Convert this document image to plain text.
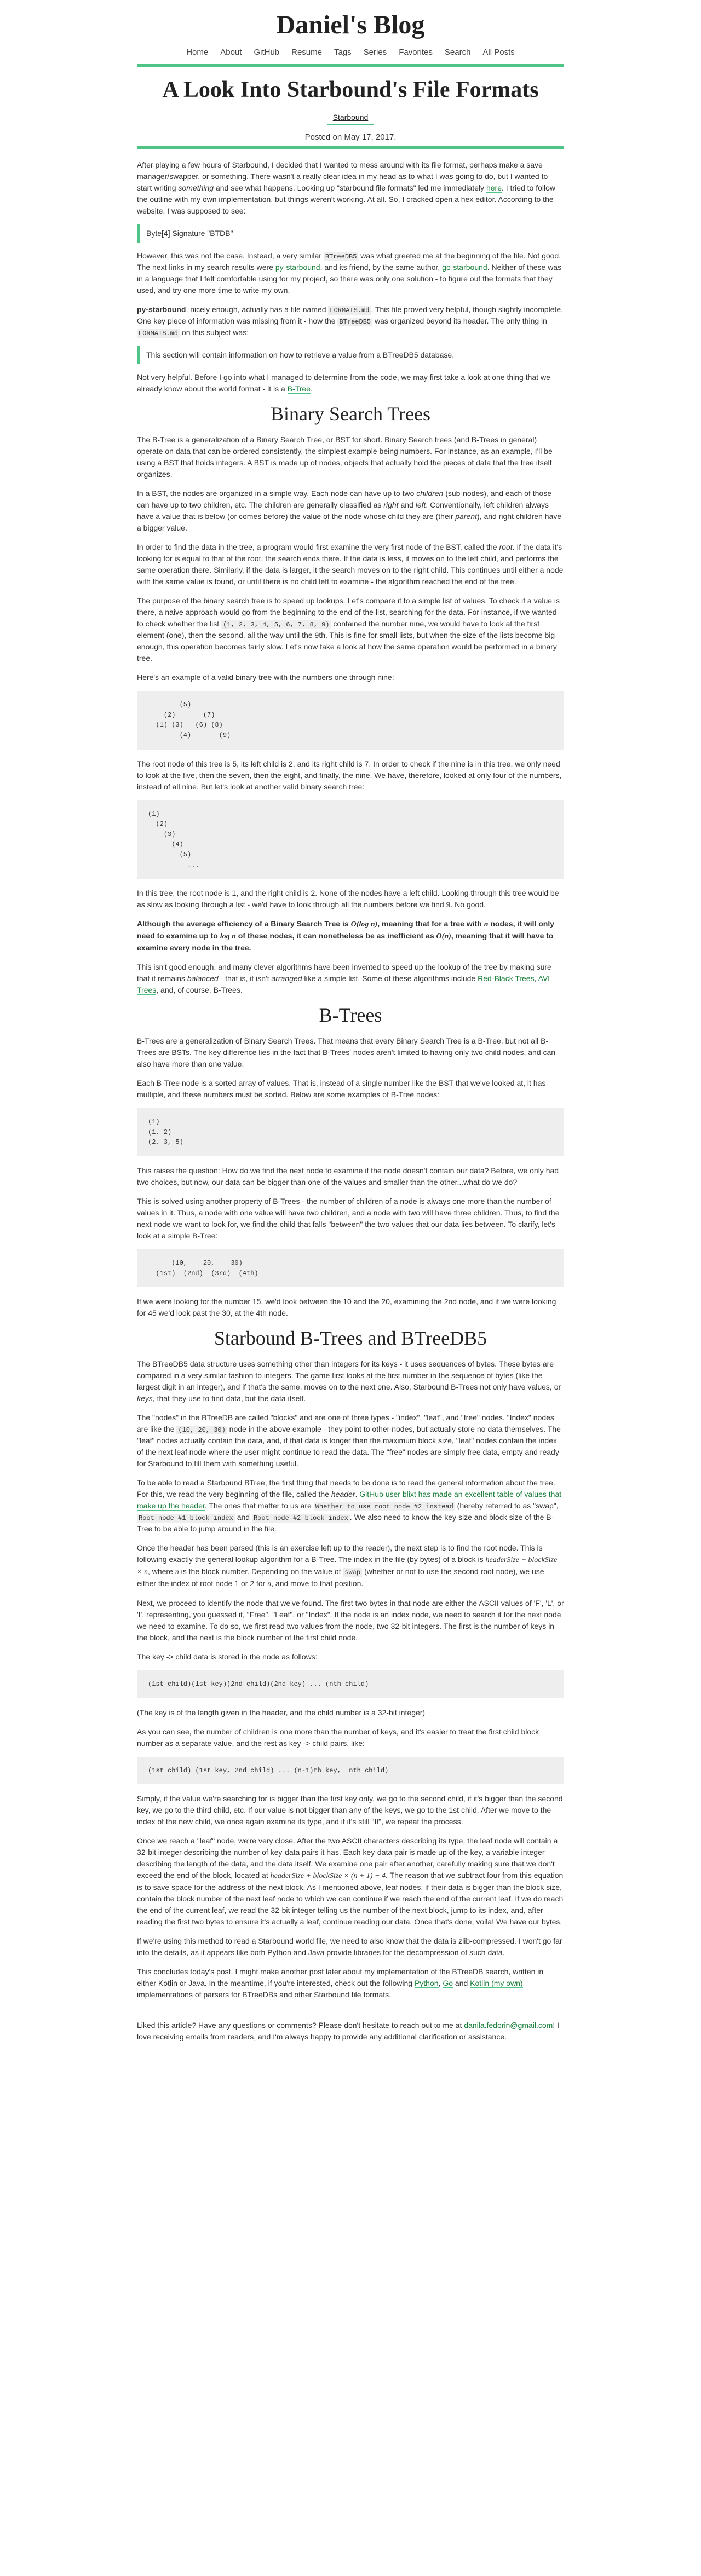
Daniel's Blog
Home About GitHub Resume Tags Series Favorites Search All Posts
A Look Into Starbound's File Formats
Starbound
Posted on May 17, 2017.

After playing a few hours of Starbound, I decided that I wanted to mess around with its file format, perhaps make a save manager/swapper, or something. There wasn't a really clear idea in my head as to what I was going to do, but I wanted to start writing something and see what happens. Looking up "starbound file formats" led me immediately here. I tried to follow the outline with my own implementation, but things weren't working. At all. So, I cracked open a hex editor. According to the website, I was supposed to see:

Byte[4] Signature "BTDB"

However, this was not the case. Instead, a very similar BTreeDB5 was what greeted me at the beginning of the file. Not good. The next links in my search results were py-starbound, and its friend, by the same author, go-starbound. Neither of these was in a language that I felt comfortable using for my project, so there was only one solution - to figure out the formats that they used, and try one more time to write my own.

py-starbound, nicely enough, actually has a file named FORMATS.md . This file proved very helpful, though slightly incomplete. One key piece of information was missing from it - how the BTreeDB5 was organized beyond its header. The only thing in FORMATS.md on this subject was:

This section will contain information on how to retrieve a value from a BTreeDB5 database.

Not very helpful. Before I go into what I managed to determine from the code, we may first take a look at one thing that we already know about the world format - it is a B-Tree.

Binary Search Trees

The B-Tree is a generalization of a Binary Search Tree, or BST for short. Binary Search trees (and B-Trees in general) operate on data that can be ordered consistently, the simplest example being numbers. For instance, as an example, I'll be using a BST that holds integers. A BST is made up of nodes, objects that actually hold the pieces of data that the tree itself organizes.

In a BST, the nodes are organized in a simple way. Each node can have up to two children (sub-nodes), and each of those can have up to two children, etc. The children are generally classified as right and left. Conventionally, left children always have a value that is below (or comes before) the value of the node whose child they are (their parent), and right children have a bigger value.

In order to find the data in the tree, a program would first examine the very first node of the BST, called the root. If the data it's looking for is equal to that of the root, the search ends there. If the data is less, it moves on to the left child, and performs the same operation there. Similarly, if the data is larger, it the search moves on to the right child. This continues until either a node with the same value is found, or until there is no child left to examine - the algorithm reached the end of the tree.

The purpose of the binary search tree is to speed up lookups. Let's compare it to a simple list of values. To check if a value is there, a naive approach would go from the beginning to the end of the list, searching for the data. For instance, if we wanted to check whether the list (1, 2, 3, 4, 5, 6, 7, 8, 9) contained the number nine, we would have to look at the first element (one), then the second, all the way until the 9th. This is fine for small lists, but when the size of the lists become big enough, this operation becomes fairly slow. Let's now take a look at how the same operation would be performed in a binary tree.

Here's an example of a valid binary tree with the numbers one through nine:

(5)
(2)       (7)
(1) (3)   (6) (8)
(4)       (9)

The root node of this tree is 5, its left child is 2, and its right child is 7. In order to check if the nine is in this tree, we only need to look at the five, then the seven, then the eight, and finally, the nine. We have, therefore, looked at only four of the numbers, instead of all nine. But let's look at another valid binary search tree:

(1)
(2)
(3)
(4)
(5)
...

In this tree, the root node is 1, and the right child is 2. None of the nodes have a left child. Looking through this tree would be as slow as looking through a list - we'd have to look through all the numbers before we find 9. No good.

Although the average efficiency of a Binary Search Tree is O(log n), meaning that for a tree with n nodes, it will only need to examine up to log n of these nodes, it can nonetheless be as inefficient as O(n), meaning that it will have to examine every node in the tree.

This isn't good enough, and many clever algorithms have been invented to speed up the lookup of the tree by making sure that it remains balanced - that is, it isn't arranged like a simple list. Some of these algorithms include Red-Black Trees, AVL Trees, and, of course, B-Trees.

B-Trees

B-Trees are a generalization of Binary Search Trees. That means that every Binary Search Tree is a B-Tree, but not all B-Trees are BSTs. The key difference lies in the fact that B-Trees' nodes aren't limited to having only two child nodes, and can also have more than one value.

Each B-Tree node is a sorted array of values. That is, instead of a single number like the BST that we've looked at, it has multiple, and these numbers must be sorted. Below are some examples of B-Tree nodes:

(1)
(1, 2)
(2, 3, 5)

This raises the question: How do we find the next node to examine if the node doesn't contain our data? Before, we only had two choices, but now, our data can be bigger than one of the values and smaller than the other...what do we do?

This is solved using another property of B-Trees - the number of children of a node is always one more than the number of values in it. Thus, a node with one value will have two children, and a node with two will have three children. Thus, to find the next node we want to look for, we find the child that falls "between" the two values that our data lies between. To clarify, let's look at a simple B-Tree:

(10,    20,    30)
(1st)  (2nd)  (3rd)  (4th)

If we were looking for the number 15, we'd look between the 10 and the 20, examining the 2nd node, and if we were looking for 45 we'd look past the 30, at the 4th node.

Starbound B-Trees and BTreeDB5

The BTreeDB5 data structure uses something other than integers for its keys - it uses sequences of bytes. These bytes are compared in a very similar fashion to integers. The game first looks at the first number in the sequence of bytes (like the largest digit in an integer), and if that's the same, moves on to the next one. Also, Starbound B-Trees not only have values, or keys, that they use to find data, but the data itself.

The "nodes" in the BTreeDB are called "blocks" and are one of three types - "index", "leaf", and "free" nodes. "Index" nodes are like the (10, 20, 30) node in the above example - they point to other nodes, but actually store no data themselves. The "leaf" nodes actually contain the data, and, if that data is longer than the maximum block size, "leaf" nodes contain the index of the next leaf node where the user might continue to read the data. The "free" nodes are simply free data, empty and ready for Starbound to fill them with something useful.

To be able to read a Starbound BTree, the first thing that needs to be done is to read the general information about the tree. For this, we read the very beginning of the file, called the header. GitHub user blixt has made an excellent table of values that make up the header. The ones that matter to us are Whether to use root node #2 instead (hereby referred to as "swap", Root node #1 block index and Root node #2 block index . We also need to know the key size and block size of the B-Tree to be able to jump around in the file.

Once the header has been parsed (this is an exercise left up to the reader), the next step is to find the root node. This is following exactly the general lookup algorithm for a B-Tree. The index in the file (by bytes) of a block is headerSize + blockSize × n, where n is the block number. Depending on the value of swap (whether or not to use the second root node), we use either the index of root node 1 or 2 for n, and move to that position.

Next, we proceed to identify the node that we've found. The first two bytes in that node are either the ASCII values of 'F', 'L', or 'I', representing, you guessed it, "Free", "Leaf", or "Index". If the node is an index node, we need to search it for the next node we need to examine. To do so, we first read two values from the node, two 32-bit integers. The first is the number of keys in the block, and the next is the block number of the first child node.

The key -> child data is stored in the node as follows:

(1st child)(1st key)(2nd child)(2nd key) ... (nth child)

(The key is of the length given in the header, and the child number is a 32-bit integer)

As you can see, the number of children is one more than the number of keys, and it's easier to treat the first child block number as a separate value, and the rest as key -> child pairs, like:

(1st child) (1st key, 2nd child) ... (n-1)th key,  nth child)

Simply, if the value we're searching for is bigger than the first key only, we go to the second child, if it's bigger than the second key, we go to the third child, etc. If our value is not bigger than any of the keys, we go to the 1st child. After we move to the index of the new child, we once again examine its type, and if it's still "II", we repeat the process.

Once we reach a "leaf" node, we're very close. After the two ASCII characters describing its type, the leaf node will contain a 32-bit integer describing the number of key-data pairs it has. Each key-data pair is made up of the key, a variable integer describing the length of the data, and the data itself. We examine one pair after another, carefully making sure that we don't exceed the end of the block, located at headerSize + blockSize × (n + 1) − 4. The reason that we subtract four from this equation is to save space for the address of the next block. As I mentioned above, leaf nodes, if their data is bigger than the block size, contain the block number of the next leaf node to which we can continue if we reach the end of the current leaf. If we do reach the end of the current leaf, we read the 32-bit integer telling us the number of the next block, jump to its index, and, after reading the first two bytes to ensure it's actually a leaf, continue reading our data. Once that's done, voila! We have our bytes.

If we're using this method to read a Starbound world file, we need to also know that the data is zlib-compressed. I won't go far into the details, as it appears like both Python and Java provide libraries for the decompression of such data.

This concludes today's post. I might make another post later about my implementation of the BTreeDB search, written in either Kotlin or Java. In the meantime, if you're interested, check out the following Python, Go and Kotlin (my own) implementations of parsers for BTreeDBs and other Starbound file formats.

Liked this article? Have any questions or comments? Please don't hesitate to reach out to me at danila.fedorin@gmail.com! I love receiving emails from readers, and I'm always happy to provide any additional clarification or assistance.
